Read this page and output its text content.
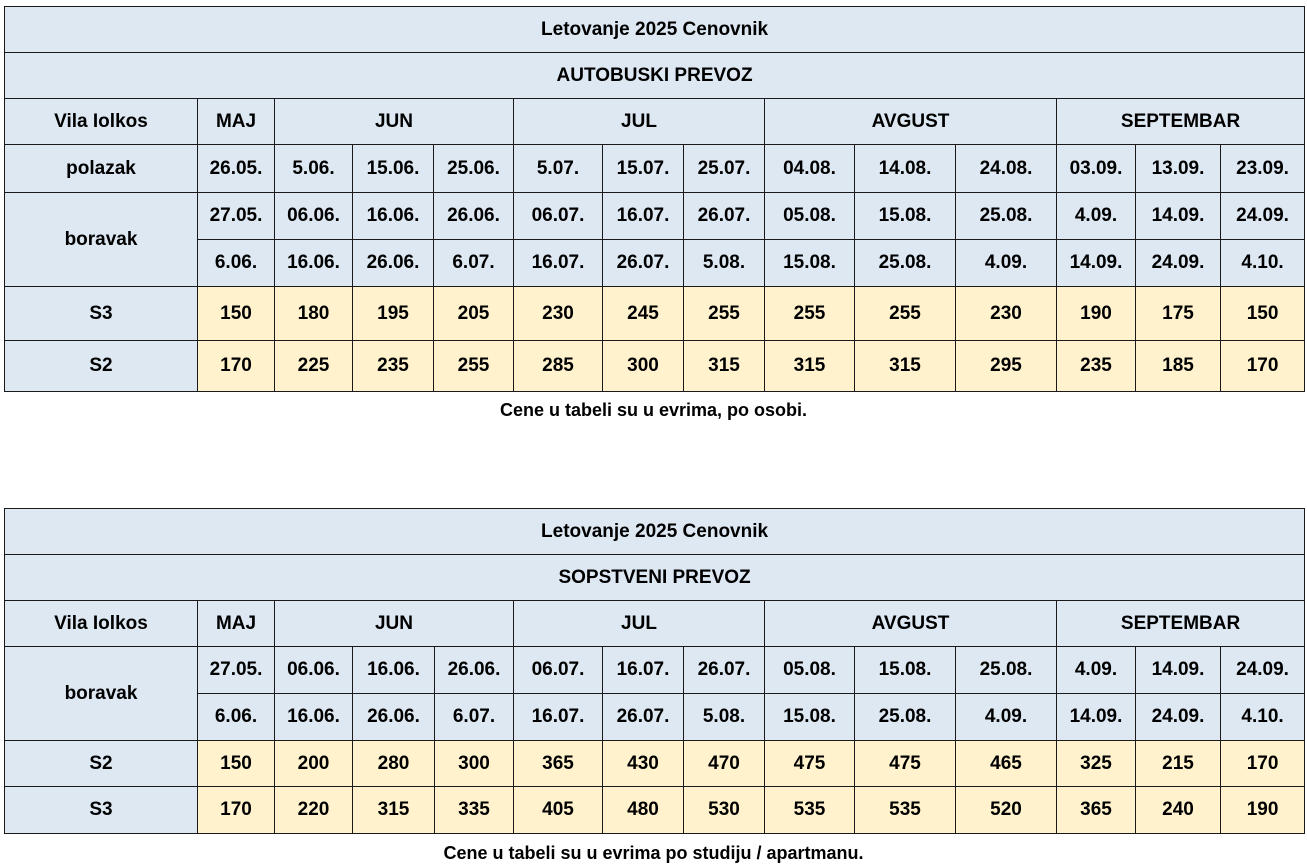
Letovanje 2025 Cenovnik													
AUTOBUSKI PREVOZ													
Vila Iolkos	MAJ	JUN			JUL			AVGUST			SEPTEMBAR		
polazak	26.05.	5.06.	15.06.	25.06.	5.07.	15.07.	25.07.	04.08.	14.08.	24.08.	03.09.	13.09.	23.09.
boravak	27.05.	06.06.	16.06.	26.06.	06.07.	16.07.	26.07.	05.08.	15.08.	25.08.	4.09.	14.09.	24.09.
	6.06.	16.06.	26.06.	6.07.	16.07.	26.07.	5.08.	15.08.	25.08.	4.09.	14.09.	24.09.	4.10.
S3	150	180	195	205	230	245	255	255	255	230	190	175	150
S2	170	225	235	255	285	300	315	315	315	295	235	185	170
Cene u tabeli su u evrima, po osobi.
Letovanje 2025 Cenovnik													
SOPSTVENI PREVOZ													
Vila Iolkos	MAJ	JUN			JUL			AVGUST			SEPTEMBAR		
boravak	27.05.	06.06.	16.06.	26.06.	06.07.	16.07.	26.07.	05.08.	15.08.	25.08.	4.09.	14.09.	24.09.
	6.06.	16.06.	26.06.	6.07.	16.07.	26.07.	5.08.	15.08.	25.08.	4.09.	14.09.	24.09.	4.10.
S2	150	200	280	300	365	430	470	475	475	465	325	215	170
S3	170	220	315	335	405	480	530	535	535	520	365	240	190
Cene u tabeli su u evrima po studiju / apartmanu.
